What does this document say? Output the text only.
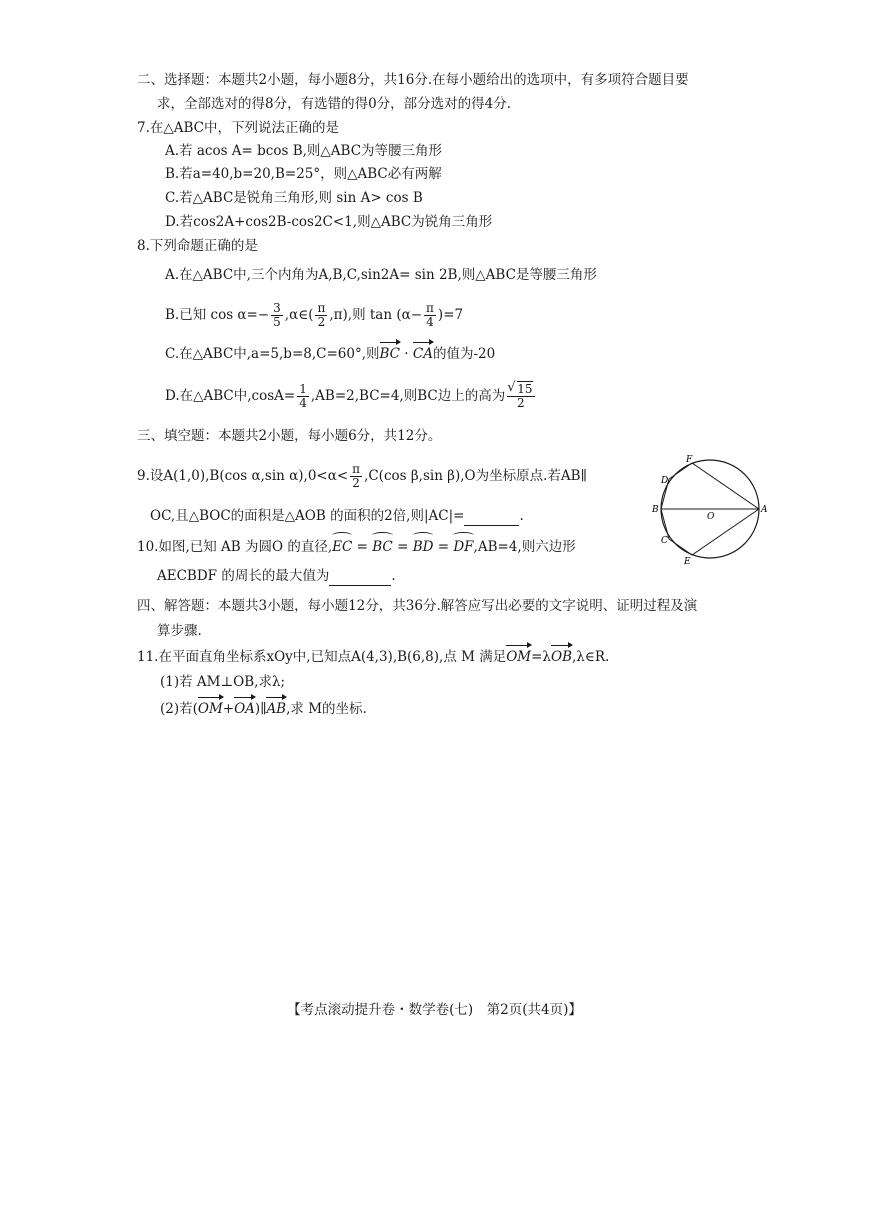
二、选择题：本题共2小题，每小题8分，共16分.在每小题给出的选项中，有多项符合题目要
求，全部选对的得8分，有选错的得0分，部分选对的得4分.
7.在△ABC中，下列说法正确的是
A.若 acos A= bcos B,则△ABC为等腰三角形
B.若a=40,b=20,B=25°，则△ABC必有两解
C.若△ABC是锐角三角形,则 sin A> cos B
D.若cos2A+cos2B-cos2C<1,则△ABC为锐角三角形
8.下列命题正确的是
A.在△ABC中,三个内角为A,B,C,sin2A= sin 2B,则△ABC是等腰三角形
B.已知 $\cos \alpha=- \frac{3}{5}$ ,α∈( $\frac{\pi}{2} ,\pi$),则 $\tan (\alpha- \frac{\pi}{4} )=7$
C.在△ABC中,a=5,b=8,C=60°,则BC · CA的值为-20
D.在△ABC中$,\cos A= \frac{1}{4} ,AB=2,BC=4$,则BC边上的高为
√ $\frac{15}{2}$
三、填空题：本题共2小题，每小题6分，共12分。
9.设A(1,0),B(cos α,sin $\alpha),0<\alpha< \frac{\pi}{2} ,C(\cos$ β,sin β),O为坐标原点.若AB∥
OC,且△BOC的面积是△AOB 的面积的2倍,则|AC|=	.
10.如图,已知 AB 为圆O 的直径,EC = BC = BD = DF,AB=4,则六边形
AECBDF 的周长的最大值为	.
F
D
B
O
A
C
E
四、解答题：本题共3小题，每小题12分，共36分.解答应写出必要的文字说明、证明过程及演
算步骤.
11.在平面直角坐标系xOy中,已知点A(4,3),B(6,8),点 M 满足OM=λOB,λ∈R.
(1)若 AM⊥OB,求λ;
(2)若(OM+OA)∥AB,求 M的坐标.
【考点滚动提升卷・数学卷(七)　第2页(共4页)】
